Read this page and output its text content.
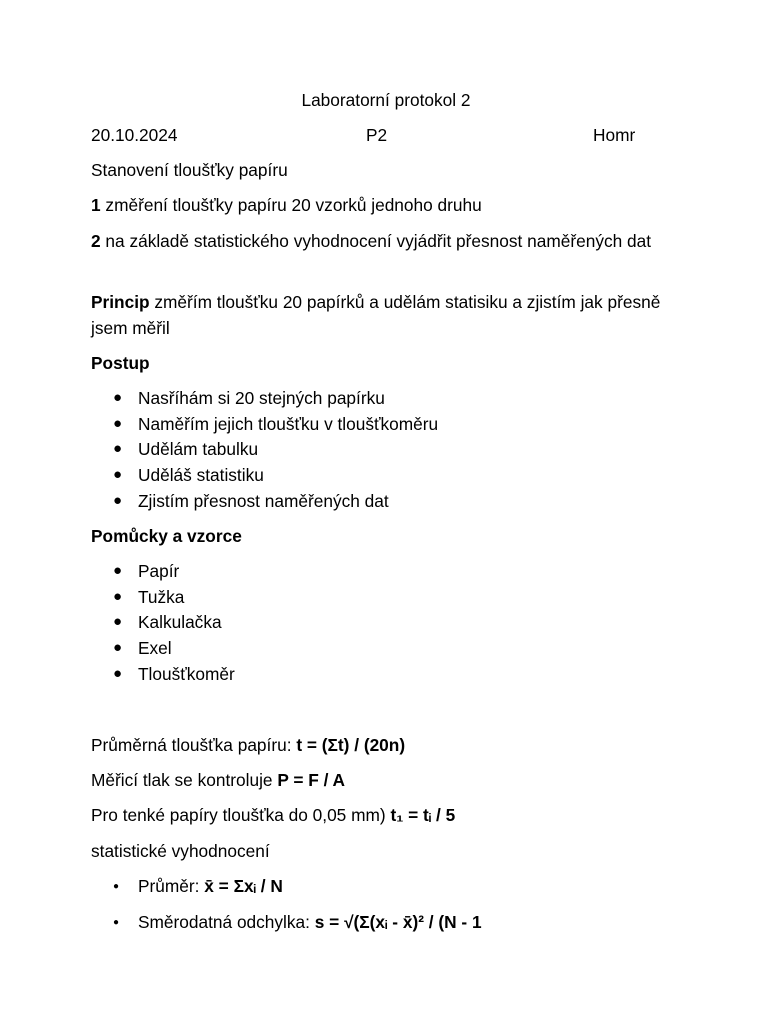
Laboratorní protokol 2
20.10.2024	P2	Homr
Stanovení tloušťky papíru
1 změření tloušťky papíru 20 vzorků jednoho druhu
2 na základě statistického vyhodnocení vyjádřit přesnost naměřených dat
Princip změřím tloušťku 20 papírků a udělám statisiku a zjistím jak přesně jsem měřil
Postup
● Nasříhám si 20 stejných papírku
● Naměřím jejich tloušťku v tloušťkoměru
● Udělám tabulku
● Uděláš statistiku
● Zjistím přesnost naměřených dat
Pomůcky a vzorce
● Papír
● Tužka
● Kalkulačka
● Exel
● Tloušťkoměr
Průměrná tloušťka papíru: t = (Σt) / (20n)
Měřicí tlak se kontroluje P = F / A
Pro tenké papíry tloušťka do 0,05 mm) t₁ = tᵢ / 5
statistické vyhodnocení
● Průměr: x̄ = Σxᵢ / N
● Směrodatná odchylka: s = √(Σ(xᵢ - x̄)² / (N - 1
